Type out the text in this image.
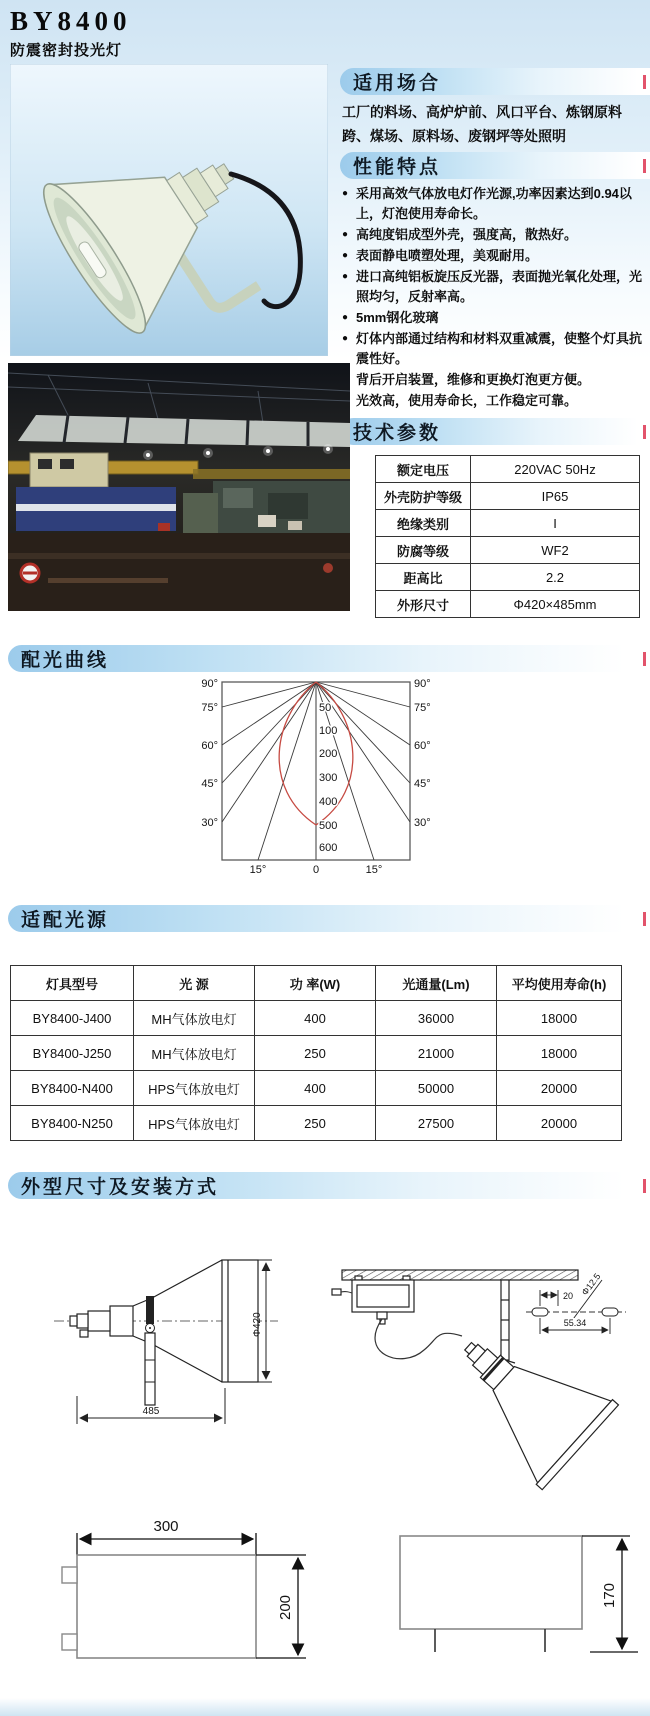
BY8400
防震密封投光灯
适用场合
工厂的料场、高炉炉前、风口平台、炼钢原料跨、煤场、原料场、废钢坪等处照明
性能特点
● 采用高效气体放电灯作光源,功率因素达到0.94以上，灯泡使用寿命长。
● 高纯度铝成型外壳，强度高，散热好。
● 表面静电喷塑处理，美观耐用。
● 进口高纯铝板旋压反光器，表面抛光氧化处理，光照均匀，反射率高。
● 5mm钢化玻璃
● 灯体内部通过结构和材料双重减震，使整个灯具抗震性好。
背后开启装置，维修和更换灯泡更方便。
光效高，使用寿命长，工作稳定可靠。
技术参数
额定电压	220VAC 50Hz
外壳防护等级	IP65
绝缘类别	I
防腐等级	WF2
距高比	2.2
外形尺寸	Φ420×485mm
配光曲线
90°
75°
60°
45°
30°
90°
75°
60°
45°
30°
50
100
200
300
400
500
600
15°	0	15°
适配光源
灯具型号	光 源	功 率(W)	光通量(Lm)	平均使用寿命(h)
BY8400-J400	MH气体放电灯	400	36000	18000
BY8400-J250	MH气体放电灯	250	21000	18000
BY8400-N400	HPS气体放电灯	400	50000	20000
BY8400-N250	HPS气体放电灯	250	27500	20000
外型尺寸及安装方式
Φ420
485
20 Φ12.5
55.34
300
200	170
